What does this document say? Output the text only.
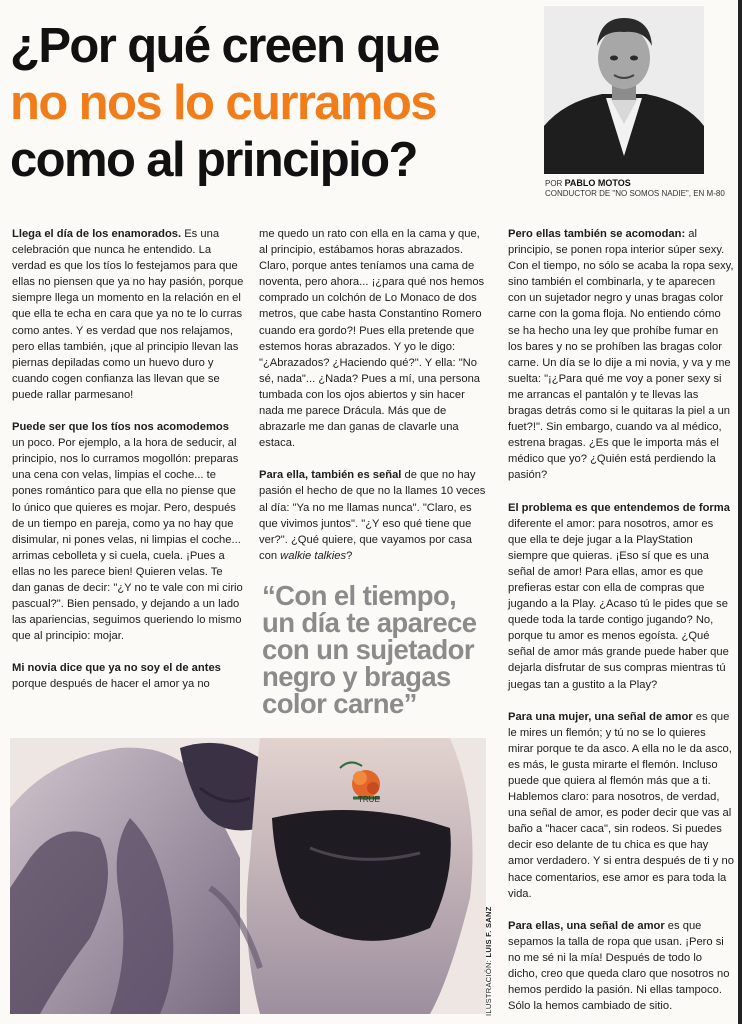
¿Por qué creen que
no nos lo curramos
como al principio?	POR PABLO MOTOS
CONDUCTOR DE "NO SOMOS NADIE", EN M-80

Llega el día de los enamorados. Es una celebración que nunca he entendido. La verdad es que los tíos lo festejamos para que ellas no piensen que ya no hay pasión, porque siempre llega un momento en la relación en el que ella te echa en cara que ya no te lo curras como antes. Y es verdad que nos relajamos, pero ellas también, ¡que al principio llevan las piernas depiladas como un huevo duro y cuando cogen confianza las llevan que se puede rallar parmesano!

Puede ser que los tíos nos acomodemos un poco. Por ejemplo, a la hora de seducir, al principio, nos lo curramos mogollón: preparas una cena con velas, limpias el coche... te pones romántico para que ella no piense que lo único que quieres es mojar. Pero, después de un tiempo en pareja, como ya no hay que disimular, ni pones velas, ni limpias el coche... arrimas cebolleta y si cuela, cuela. ¡Pues a ellas no les parece bien! Quieren velas. Te dan ganas de decir: "¿Y no te vale con mi cirio pascual?". Bien pensado, y dejando a un lado las apariencias, seguimos queriendo lo mismo que al principio: mojar.

Mi novia dice que ya no soy el de antes porque después de hacer el amor ya no

me quedo un rato con ella en la cama y que, al principio, estábamos horas abrazados. Claro, porque antes teníamos una cama de noventa, pero ahora... ¡¿para qué nos hemos comprado un colchón de Lo Monaco de dos metros, que cabe hasta Constantino Romero cuando era gordo?! Pues ella pretende que estemos horas abrazados. Y yo le digo: "¿Abrazados? ¿Haciendo qué?". Y ella: "No sé, nada"... ¿Nada? Pues a mí, una persona tumbada con los ojos abiertos y sin hacer nada me parece Drácula. Más que de abrazarle me dan ganas de clavarle una estaca.

Para ella, también es señal de que no hay pasión el hecho de que no la llames 10 veces al día: "Ya no me llamas nunca". "Claro, es que vivimos juntos". "¿Y eso qué tiene que ver?". ¿Qué quiere, que vayamos por casa con walkie talkies?

“Con el tiempo, un día te aparece con un sujetador negro y bragas color carne”

Pero ellas también se acomodan: al principio, se ponen ropa interior súper sexy. Con el tiempo, no sólo se acaba la ropa sexy, sino también el combinarla, y te aparecen con un sujetador negro y unas bragas color carne con la goma floja. No entiendo cómo se ha hecho una ley que prohíbe fumar en los bares y no se prohíben las bragas color carne. Un día se lo dije a mi novia, y va y me suelta: "¡¿Para qué me voy a poner sexy si me arrancas el pantalón y te llevas las bragas detrás como si le quitaras la piel a un fuet?!". Sin embargo, cuando va al médico, estrena bragas. ¿Es que le importa más el médico que yo? ¿Quién está perdiendo la pasión?

El problema es que entendemos de forma diferente el amor: para nosotros, amor es que ella te deje jugar a la PlayStation siempre que quieras. ¡Eso sí que es una señal de amor! Para ellas, amor es que prefieras estar con ella de compras que jugando a la Play. ¿Acaso tú le pides que se quede toda la tarde contigo jugando? No, porque tu amor es menos egoísta. ¿Qué señal de amor más grande puede haber que dejarla disfrutar de sus compras mientras tú juegas tan a gustito a la Play?

Para una mujer, una señal de amor es que le mires un flemón; y tú no se lo quieres mirar porque te da asco. A ella no le da asco, es más, le gusta mirarte el flemón. Incluso puede que quiera al flemón más que a ti. Hablemos claro: para nosotros, de verdad, una señal de amor, es poder decir que vas al baño a "hacer caca", sin rodeos. Si puedes decir eso delante de tu chica es que hay amor verdadero. Y si entra después de ti y no hace comentarios, ese amor es para toda la vida.

Para ellas, una señal de amor es que sepamos la talla de ropa que usan. ¡Pero si no me sé ni la mía! Después de todo lo dicho, creo que queda claro que nosotros no hemos perdido la pasión. Ni ellas tampoco. Sólo la hemos cambiado de sitio.

TRUE
ILUSTRACIÓN: LUIS F. SANZ
